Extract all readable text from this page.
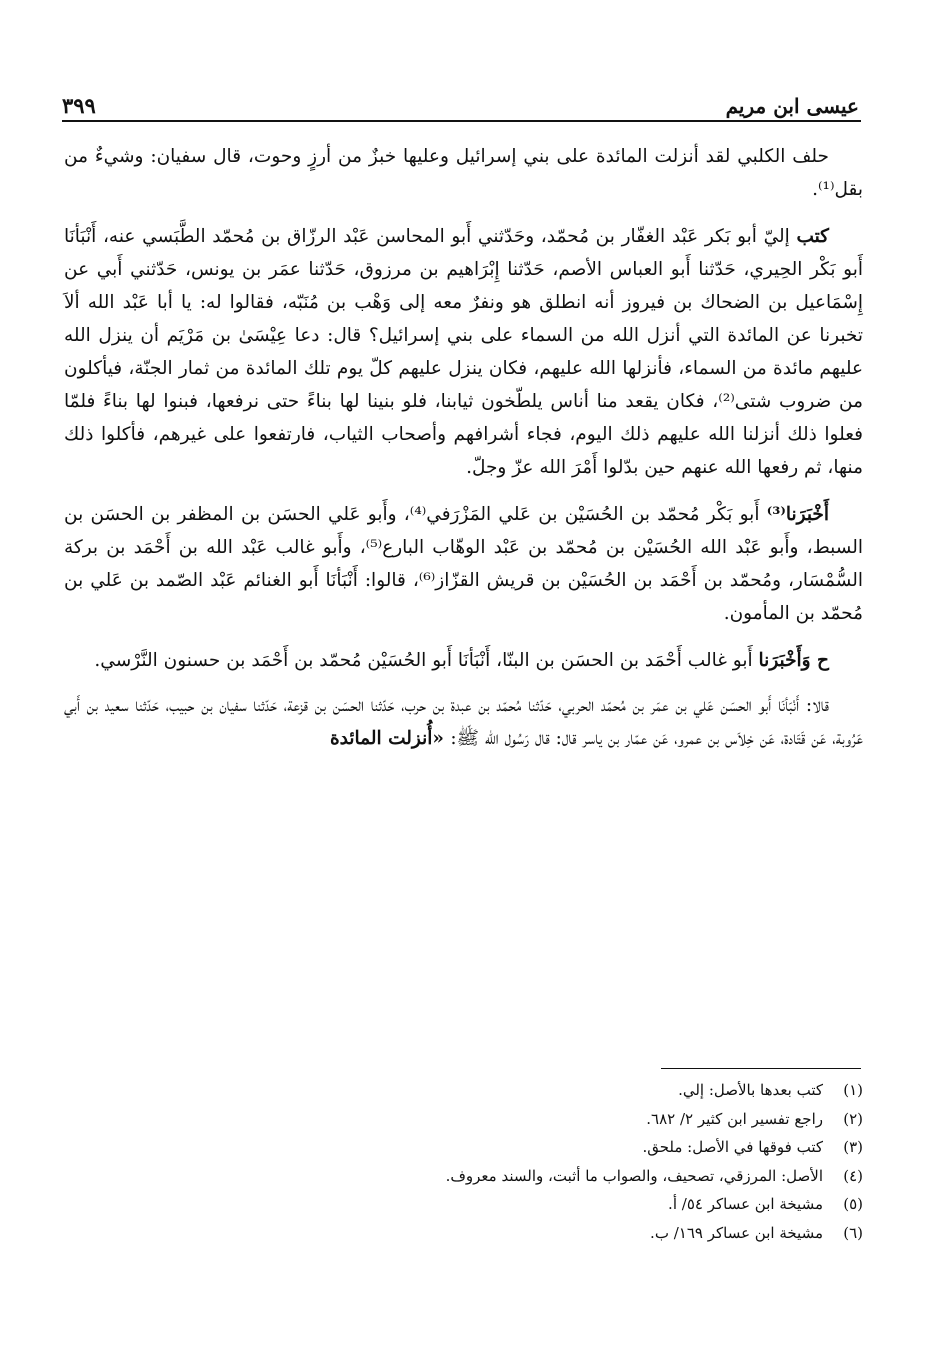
عيسى ابن مريم
٣٩٩

حلف الكلبي لقد أنزلت المائدة على بني إسرائيل وعليها خبزٌ من أرزٍ وحوت، قال سفيان: وشيءٌ من بقل⁽¹⁾.

كتب إليّ أبو بَكر عَبْد الغفّار بن مُحمّد، وحَدّثني أَبو المحاسن عَبْد الرزّاق بن مُحمّد الطَّبَسي عنه، أَنْبَأنَا أَبو بَكْر الحِيري، حَدّثنا أَبو العباس الأصم، حَدّثنا إِبْرَاهيم بن مرزوق، حَدّثنا عمَر بن يونس، حَدّثني أَبي عن إِسْمَاعيل بن الضحاك بن فيروز أنه انطلق هو ونفرٌ معه إلى وَهْب بن مُنَبّه، فقالوا له: يا أبا عَبْد الله ألاَ تخبرنا عن المائدة التي أنزل الله من السماء على بني إسرائيل؟ قال: دعا عِيْسَىٰ بن مَرْيَم أن ينزل الله عليهم مائدة من السماء، فأنزلها الله عليهم، فكان ينزل عليهم كلّ يوم تلك المائدة من ثمار الجنّة، فيأكلون من ضروب شتى⁽²⁾، فكان يقعد منا أناس يلطّخون ثيابنا، فلو بنينا لها بناءً حتى نرفعها، فبنوا لها بناءً فلمّا فعلوا ذلك أنزلنا الله عليهم ذلك اليوم، فجاء أشرافهم وأصحاب الثياب، فارتفعوا على غيرهم، فأكلوا ذلك منها، ثم رفعها الله عنهم حين بدّلوا أَمْرَ الله عزّ وجلّ.

أَخْبَرَنا⁽³⁾ أَبو بَكْر مُحمّد بن الحُسَيْن بن عَلي المَزْرَفي⁽⁴⁾، وأَبو عَلي الحسَن بن المظفر بن الحسَن بن السبط، وأَبو عَبْد الله الحُسَيْن بن مُحمّد بن عَبْد الوهّاب البارع⁽⁵⁾، وأَبو غالب عَبْد الله بن أَحْمَد بن بركة السُّمْسَار، ومُحمّد بن أَحْمَد بن الحُسَيْن بن قريش القزّاز⁽⁶⁾، قالوا: أَنْبَأنَا أَبو الغنائم عَبْد الصّمد بن عَلي بن مُحمّد بن المأمون.

ح وَأَخْبَرَنا أَبو غالب أَحْمَد بن الحسَن بن البنّا، أَنْبَأنَا أَبو الحُسَيْن مُحمّد بن أَحْمَد بن حسنون النَّرْسي.

قالا: أَنْبَأنَا أَبو الحسَن عَلي بن عمَر بن مُحمّد الحربي، حَدّثنا مُحمّد بن عبدة بن حرب، حَدّثنا الحسَن بن قزعة، حَدّثنا سفيان بن حبيب، حَدّثنا سعيد بن أَبي عَرُوبة، عَن قَتَادة، عَن خِلاَس بن عمرو، عَن عمّار بن ياسر قال: قال رَسُول الله ﷺ: «أُنزلت المائدة

(١)
كتب بعدها بالأصل: إلي.
(٢)
راجع تفسير ابن كثير ٢/ ٦٨٢.
(٣)
كتب فوقها في الأصل: ملحق.
(٤)
الأصل: المرزقي، تصحيف، والصواب ما أثبت، والسند معروف.
(٥)
مشيخة ابن عساكر ٥٤/ أ.
(٦)
مشيخة ابن عساكر ١٦٩/ ب.
